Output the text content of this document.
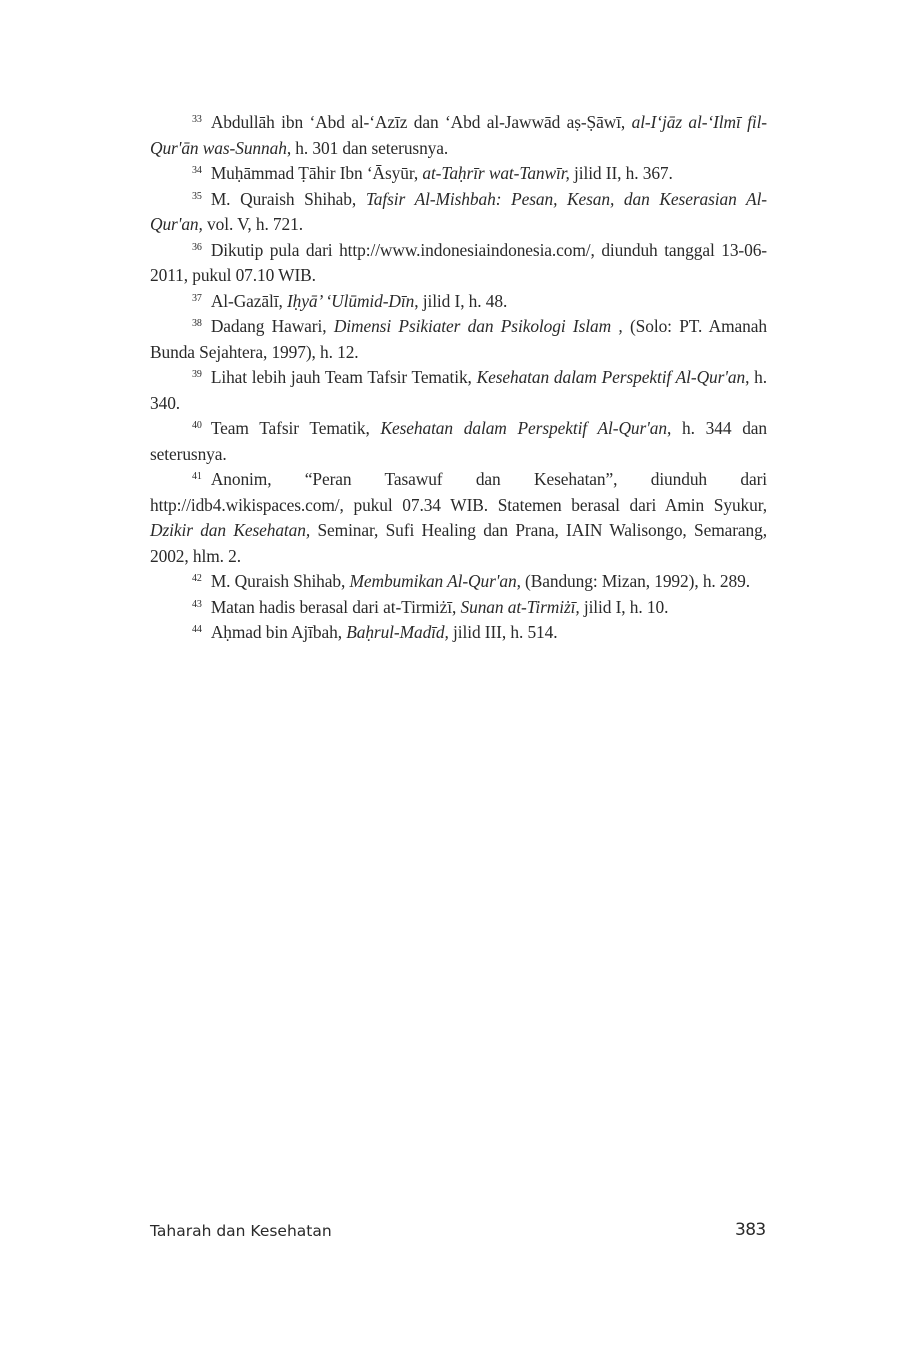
$^{33}$ Abdullāh ibn ‘Abd al-‘Azīz dan ‘Abd al-Jawwād aṣ-Ṣāwī, al-I‘jāz al-‘Ilmī fil-Qur'ān was-Sunnah, h. 301 dan seterusnya.

$^{34}$ Muḥāmmad Ṭāhir Ibn ‘Āsyūr, at-Taḥrīr wat-Tanwīr, jilid II, h. 367.

$^{35}$ M. Quraish Shihab, Tafsir Al-Mishbah: Pesan, Kesan, dan Keserasian Al-Qur'an, vol. V, h. 721.

$^{36}$ Dikutip pula dari http://www.indonesiaindonesia.com/, diunduh tanggal 13-06-2011, pukul 07.10 WIB.

$^{37}$ Al-Gazālī, Iḥyā’ ‘Ulūmid-Dīn, jilid I, h. 48.

$^{38}$ Dadang Hawari, Dimensi Psikiater dan Psikologi Islam , (Solo: PT. Amanah Bunda Sejahtera, 1997), h. 12.

$^{39}$ Lihat lebih jauh Team Tafsir Tematik, Kesehatan dalam Perspektif Al-Qur'an, h. 340.

$^{40}$ Team Tafsir Tematik, Kesehatan dalam Perspektif Al-Qur'an, h. 344 dan seterusnya.

$^{41}$ Anonim, “Peran Tasawuf dan Kesehatan”, diunduh dari http://idb4.wikispaces.com/, pukul 07.34 WIB. Statemen berasal dari Amin Syukur, Dzikir dan Kesehatan, Seminar, Sufi Healing dan Prana, IAIN Walisongo, Semarang, 2002, hlm. 2.

$^{42}$ M. Quraish Shihab, Membumikan Al-Qur'an, (Bandung: Mizan, 1992), h. 289.

$^{43}$ Matan hadis berasal dari at-Tirmiżī, Sunan at-Tirmiżī, jilid I, h. 10.

$^{44}$ Aḥmad bin Ajībah, Baḥrul-Madīd, jilid III, h. 514.

Taharah dan Kesehatan	383
